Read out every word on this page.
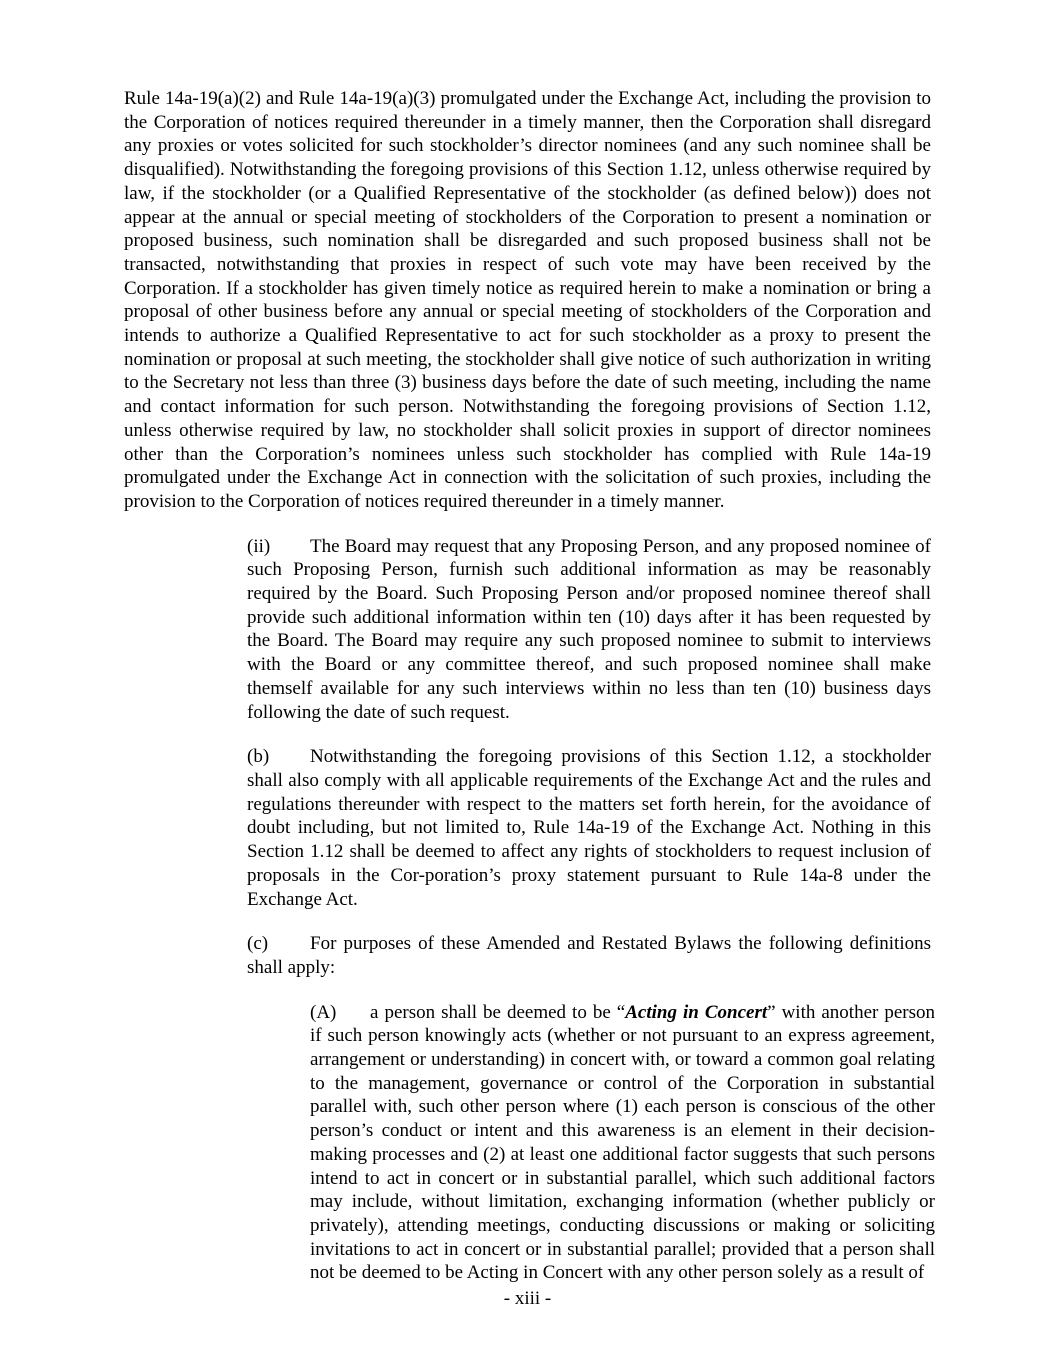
Rule 14a-19(a)(2) and Rule 14a-19(a)(3) promulgated under the Exchange Act, including the provision to the Corporation of notices required thereunder in a timely manner, then the Corporation shall disregard any proxies or votes solicited for such stockholder’s director nominees (and any such nominee shall be disqualified). Notwithstanding the foregoing provisions of this Section 1.12, unless otherwise required by law, if the stockholder (or a Qualified Representative of the stockholder (as defined below)) does not appear at the annual or special meeting of stockholders of the Corporation to present a nomination or proposed business, such nomination shall be disregarded and such proposed business shall not be transacted, notwithstanding that proxies in respect of such vote may have been received by the Corporation. If a stockholder has given timely notice as required herein to make a nomination or bring a proposal of other business before any annual or special meeting of stockholders of the Corporation and intends to authorize a Qualified Representative to act for such stockholder as a proxy to present the nomination or proposal at such meeting, the stockholder shall give notice of such authorization in writing to the Secretary not less than three (3) business days before the date of such meeting, including the name and contact information for such person. Notwithstanding the foregoing provisions of Section 1.12, unless otherwise required by law, no stockholder shall solicit proxies in support of director nominees other than the Corporation’s nominees unless such stockholder has complied with Rule 14a-19 promulgated under the Exchange Act in connection with the solicitation of such proxies, including the provision to the Corporation of notices required thereunder in a timely manner.

(ii) The Board may request that any Proposing Person, and any proposed nominee of such Proposing Person, furnish such additional information as may be reasonably required by the Board. Such Proposing Person and/or proposed nominee thereof shall provide such additional information within ten (10) days after it has been requested by the Board. The Board may require any such proposed nominee to submit to interviews with the Board or any committee thereof, and such proposed nominee shall make themself available for any such interviews within no less than ten (10) business days following the date of such request.

(b) Notwithstanding the foregoing provisions of this Section 1.12, a stockholder shall also comply with all applicable requirements of the Exchange Act and the rules and regulations thereunder with respect to the matters set forth herein, for the avoidance of doubt including, but not limited to, Rule 14a-19 of the Exchange Act. Nothing in this Section 1.12 shall be deemed to affect any rights of stockholders to request inclusion of proposals in the Cor-poration’s proxy statement pursuant to Rule 14a-8 under the Exchange Act.

(c) For purposes of these Amended and Restated Bylaws the following definitions shall apply:

(A) a person shall be deemed to be “Acting in Concert” with another person if such person knowingly acts (whether or not pursuant to an express agreement, arrangement or understanding) in concert with, or toward a common goal relating to the management, governance or control of the Corporation in substantial parallel with, such other person where (1) each person is conscious of the other person’s conduct or intent and this awareness is an element in their decision-making processes and (2) at least one additional factor suggests that such persons intend to act in concert or in substantial parallel, which such additional factors may include, without limitation, exchanging information (whether publicly or privately), attending meetings, conducting discussions or making or soliciting invitations to act in concert or in substantial parallel; provided that a person shall not be deemed to be Acting in Concert with any other person solely as a result of

- xiii -
